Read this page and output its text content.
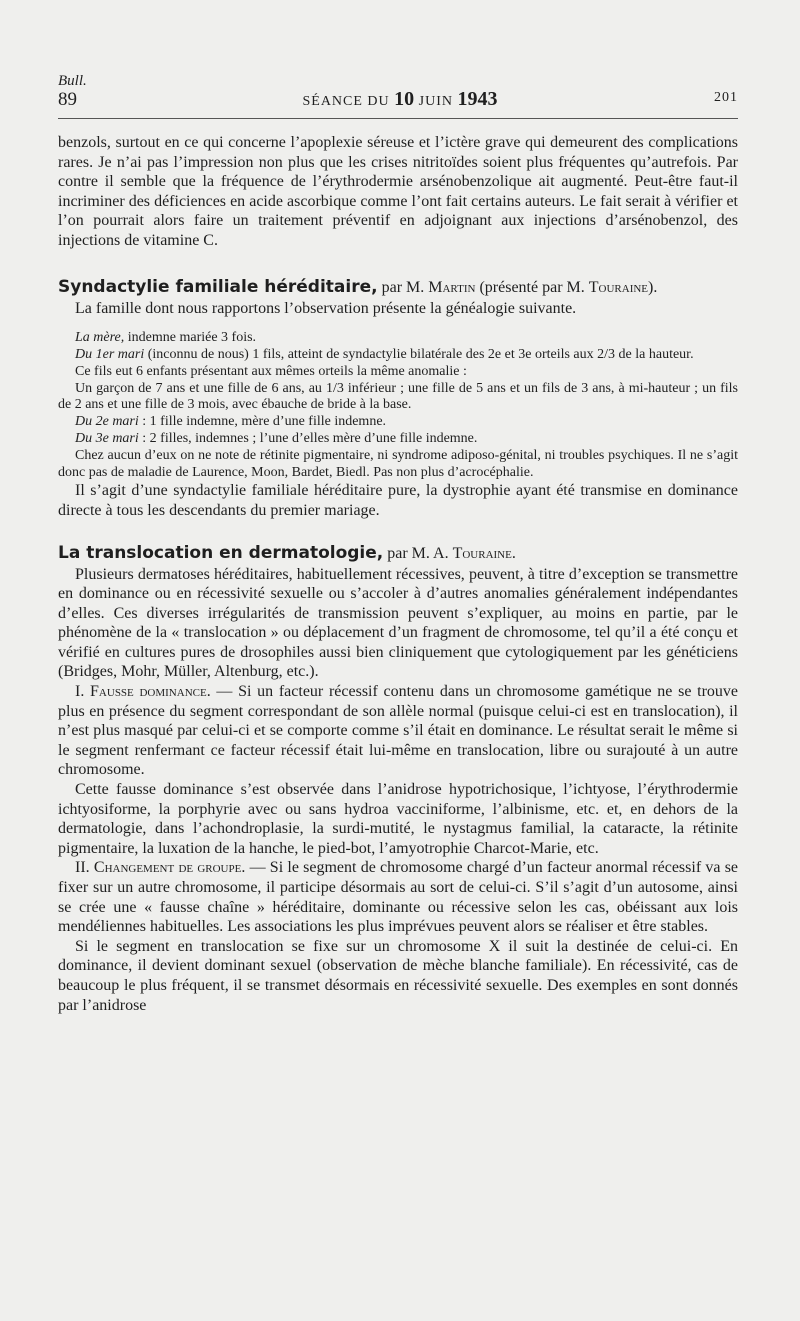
Bull.
89	SÉANCE DU 10 JUIN 1943	201

benzols, surtout en ce qui concerne l’apoplexie séreuse et l’ictère grave qui demeurent des complications rares. Je n’ai pas l’impression non plus que les crises nitritoïdes soient plus fréquentes qu’autrefois. Par contre il semble que la fréquence de l’érythrodermie arsénobenzolique ait augmenté. Peut-être faut-il incriminer des déficiences en acide ascorbique comme l’ont fait certains auteurs. Le fait serait à vérifier et l’on pourrait alors faire un traitement préventif en adjoignant aux injections d’arsénobenzol, des injections de vitamine C.

Syndactylie familiale héréditaire, par M. Martin (présenté par M. Touraine).

La famille dont nous rapportons l’observation présente la généalogie suivante.

La mère, indemne mariée 3 fois.

Du 1er mari (inconnu de nous) 1 fils, atteint de syndactylie bilatérale des 2e et 3e orteils aux 2/3 de la hauteur.

Ce fils eut 6 enfants présentant aux mêmes orteils la même anomalie :

Un garçon de 7 ans et une fille de 6 ans, au 1/3 inférieur ; une fille de 5 ans et un fils de 3 ans, à mi-hauteur ; un fils de 2 ans et une fille de 3 mois, avec ébauche de bride à la base.

Du 2e mari : 1 fille indemne, mère d’une fille indemne.

Du 3e mari : 2 filles, indemnes ; l’une d’elles mère d’une fille indemne.

Chez aucun d’eux on ne note de rétinite pigmentaire, ni syndrome adiposo-génital, ni troubles psychiques. Il ne s’agit donc pas de maladie de Laurence, Moon, Bardet, Biedl. Pas non plus d’acrocéphalie.

Il s’agit d’une syndactylie familiale héréditaire pure, la dystrophie ayant été transmise en dominance directe à tous les descendants du premier mariage.

La translocation en dermatologie, par M. A. Touraine.

Plusieurs dermatoses héréditaires, habituellement récessives, peuvent, à titre d’exception se transmettre en dominance ou en récessivité sexuelle ou s’accoler à d’autres anomalies généralement indépendantes d’elles. Ces diverses irrégularités de transmission peuvent s’expliquer, au moins en partie, par le phénomène de la « translocation » ou déplacement d’un fragment de chromosome, tel qu’il a été conçu et vérifié en cultures pures de drosophiles aussi bien cliniquement que cytologiquement par les généticiens (Bridges, Mohr, Müller, Altenburg, etc.).

I. Fausse dominance. — Si un facteur récessif contenu dans un chromosome gamétique ne se trouve plus en présence du segment correspondant de son allèle normal (puisque celui-ci est en translocation), il n’est plus masqué par celui-ci et se comporte comme s’il était en dominance. Le résultat serait le même si le segment renfermant ce facteur récessif était lui-même en translocation, libre ou surajouté à un autre chromosome.

Cette fausse dominance s’est observée dans l’anidrose hypotrichosique, l’ichtyose, l’érythrodermie ichtyosiforme, la porphyrie avec ou sans hydroa vacciniforme, l’albinisme, etc. et, en dehors de la dermatologie, dans l’achondroplasie, la surdi-mutité, le nystagmus familial, la cataracte, la rétinite pigmentaire, la luxation de la hanche, le pied-bot, l’amyotrophie Charcot-Marie, etc.

II. Changement de groupe. — Si le segment de chromosome chargé d’un facteur anormal récessif va se fixer sur un autre chromosome, il participe désormais au sort de celui-ci. S’il s’agit d’un autosome, ainsi se crée une « fausse chaîne » héréditaire, dominante ou récessive selon les cas, obéissant aux lois mendéliennes habituelles. Les associations les plus imprévues peuvent alors se réaliser et être stables.

Si le segment en translocation se fixe sur un chromosome X il suit la destinée de celui-ci. En dominance, il devient dominant sexuel (observation de mèche blanche familiale). En récessivité, cas de beaucoup le plus fréquent, il se transmet désormais en récessivité sexuelle. Des exemples en sont donnés par l’anidrose
